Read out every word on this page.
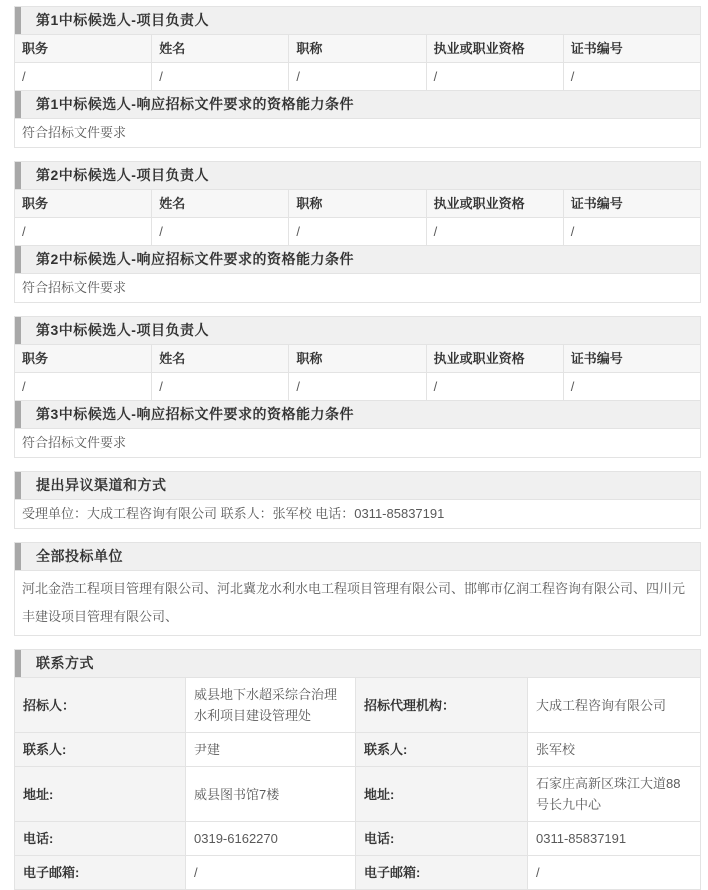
第1中标候选人-项目负责人
职务	姓名	职称	执业或职业资格	证书编号
/	/	/	/	/
第1中标候选人-响应招标文件要求的资格能力条件
符合招标文件要求
第2中标候选人-项目负责人
职务	姓名	职称	执业或职业资格	证书编号
/	/	/	/	/
第2中标候选人-响应招标文件要求的资格能力条件
符合招标文件要求
第3中标候选人-项目负责人
职务	姓名	职称	执业或职业资格	证书编号
/	/	/	/	/
第3中标候选人-响应招标文件要求的资格能力条件
符合招标文件要求
提出异议渠道和方式
受理单位：大成工程咨询有限公司 联系人：张军校 电话：0311-85837191
全部投标单位
河北金浩工程项目管理有限公司、河北冀龙水利水电工程项目管理有限公司、邯郸市亿润工程咨询有限公司、四川元丰建设项目管理有限公司、
联系方式
招标人：	威县地下水超采综合治理水利项目建设管理处	招标代理机构：	大成工程咨询有限公司
联系人:	尹建	联系人:	张军校
地址:	威县图书馆7楼	地址:	石家庄高新区珠江大道88号长九中心
电话:	0319-6162270	电话:	0311-85837191
电子邮箱:	/	电子邮箱:	/
